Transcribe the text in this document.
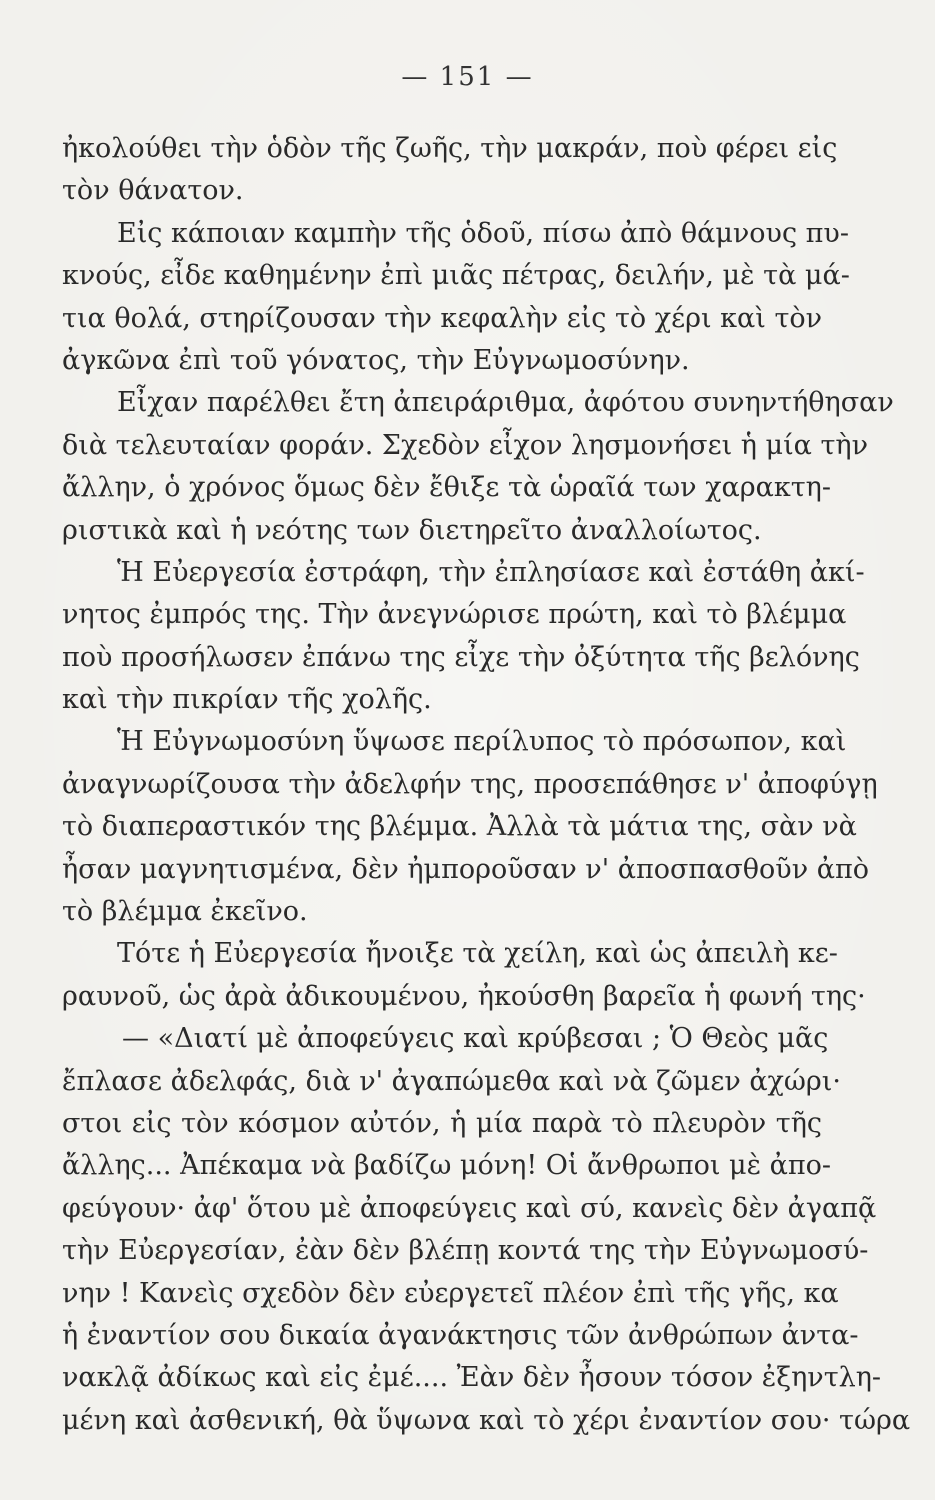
— 151 —
ἠκολούθει τὴν ὁδὸν τῆς ζωῆς, τὴν μακράν, ποὺ φέρει εἰς
τὸν θάνατον.
Εἰς κάποιαν καμπὴν τῆς ὁδοῦ, πίσω ἀπὸ θάμνους πυ-
κνούς, εἶδε καθημένην ἐπὶ μιᾶς πέτρας, δειλήν, μὲ τὰ μά-
τια θολά, στηρίζουσαν τὴν κεφαλὴν εἰς τὸ χέρι καὶ τὸν
ἀγκῶνα ἐπὶ τοῦ γόνατος, τὴν Εὐγνωμοσύνην.
Εἶχαν παρέλθει ἔτη ἀπειράριθμα, ἀφότου συνηντήθησαν
διὰ τελευταίαν φοράν. Σχεδὸν εἶχον λησμονήσει ἡ μία τὴν
ἄλλην, ὁ χρόνος ὅμως δὲν ἔθιξε τὰ ὡραῖά των χαρακτη-
ριστικὰ καὶ ἡ νεότης των διετηρεῖτο ἀναλλοίωτος.
Ἡ Εὐεργεσία ἐστράφη, τὴν ἐπλησίασε καὶ ἐστάθη ἀκί-
νητος ἐμπρός της. Τὴν ἀνεγνώρισε πρώτη, καὶ τὸ βλέμμα
ποὺ προσήλωσεν ἐπάνω της εἶχε τὴν ὀξύτητα τῆς βελόνης
καὶ τὴν πικρίαν τῆς χολῆς.
Ἡ Εὐγνωμοσύνη ὕψωσε περίλυπος τὸ πρόσωπον, καὶ
ἀναγνωρίζουσα τὴν ἀδελφήν της, προσεπάθησε ν' ἀποφύγῃ
τὸ διαπεραστικόν της βλέμμα. Ἀλλὰ τὰ μάτια της, σὰν νὰ
ἦσαν μαγνητισμένα, δὲν ἠμποροῦσαν ν' ἀποσπασθοῦν ἀπὸ
τὸ βλέμμα ἐκεῖνο.
Τότε ἡ Εὐεργεσία ἤνοιξε τὰ χείλη, καὶ ὡς ἀπειλὴ κε-
ραυνοῦ, ὡς ἀρὰ ἀδικουμένου, ἠκούσθη βαρεῖα ἡ φωνή της·
— «Διατί μὲ ἀποφεύγεις καὶ κρύβεσαι ; Ὁ Θεὸς μᾶς
ἔπλασε ἀδελφάς, διὰ ν' ἀγαπώμεθα καὶ νὰ ζῶμεν ἀχώρι·
στοι εἰς τὸν κόσμον αὐτόν, ἡ μία παρὰ τὸ πλευρὸν τῆς
ἄλλης... Ἀπέκαμα νὰ βαδίζω μόνη! Οἱ ἄνθρωποι μὲ ἀπο-
φεύγουν· ἀφ' ὅτου μὲ ἀποφεύγεις καὶ σύ, κανεὶς δὲν ἀγαπᾷ
τὴν Εὐεργεσίαν, ἐὰν δὲν βλέπῃ κοντά της τὴν Εὐγνωμοσύ-
νην ! Κανεὶς σχεδὸν δὲν εὐεργετεῖ πλέον ἐπὶ τῆς γῆς, κα
ἡ ἐναντίον σου δικαία ἀγανάκτησις τῶν ἀνθρώπων ἀντα-
νακλᾷ ἀδίκως καὶ εἰς ἐμέ.... Ἐὰν δὲν ἦσουν τόσον ἐξηντλη-
μένη καὶ ἀσθενική, θὰ ὕψωνα καὶ τὸ χέρι ἐναντίον σου· τώρα
